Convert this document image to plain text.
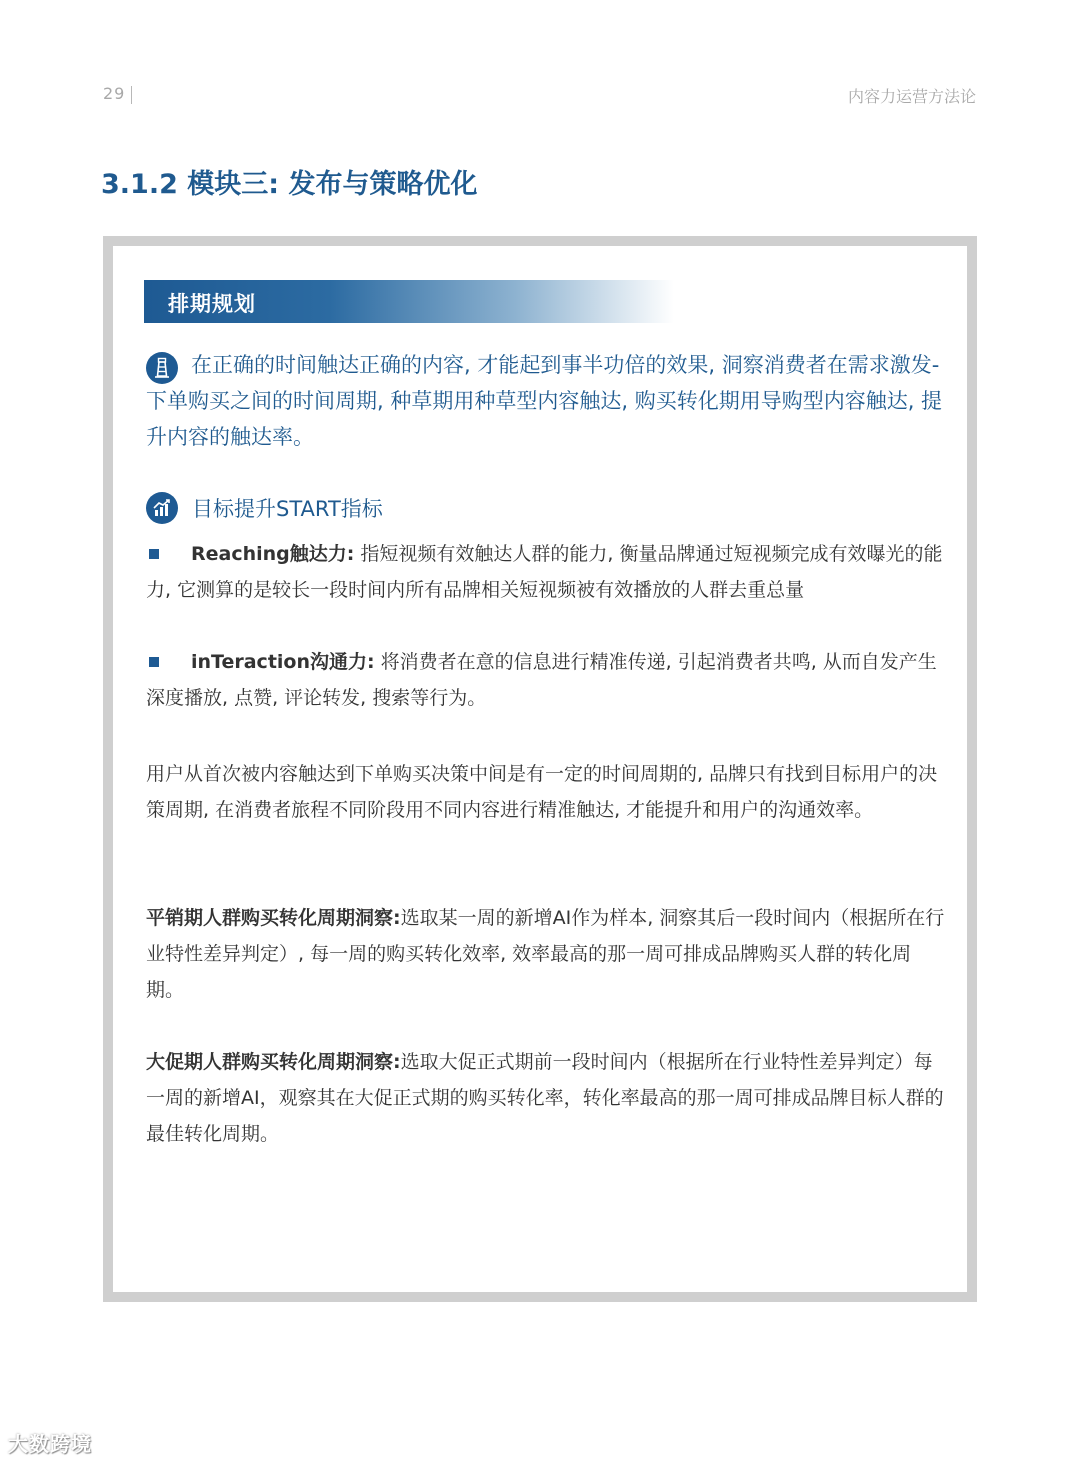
29	内容力运营方法论
3.1.2 模块三: 发布与策略优化
排期规划
在正确的时间触达正确的内容, 才能起到事半功倍的效果, 洞察消费者在需求激发-下单购买之间的时间周期, 种草期用种草型内容触达, 购买转化期用导购型内容触达, 提升内容的触达率。
目标提升START指标
Reaching触达力: 指短视频有效触达人群的能力, 衡量品牌通过短视频完成有效曝光的能力, 它测算的是较长一段时间内所有品牌相关短视频被有效播放的人群去重总量
inTeraction沟通力: 将消费者在意的信息进行精准传递, 引起消费者共鸣, 从而自发产生深度播放, 点赞, 评论转发, 搜索等行为。
用户从首次被内容触达到下单购买决策中间是有一定的时间周期的, 品牌只有找到目标用户的决策周期, 在消费者旅程不同阶段用不同内容进行精准触达, 才能提升和用户的沟通效率。
平销期人群购买转化周期洞察:选取某一周的新增AI作为样本, 洞察其后一段时间内（根据所在行业特性差异判定）, 每一周的购买转化效率, 效率最高的那一周可排成品牌购买人群的转化周期。
大促期人群购买转化周期洞察:选取大促正式期前一段时间内（根据所在行业特性差异判定）每一周的新增AI，观察其在大促正式期的购买转化率，转化率最高的那一周可排成品牌目标人群的最佳转化周期。
大数跨境
